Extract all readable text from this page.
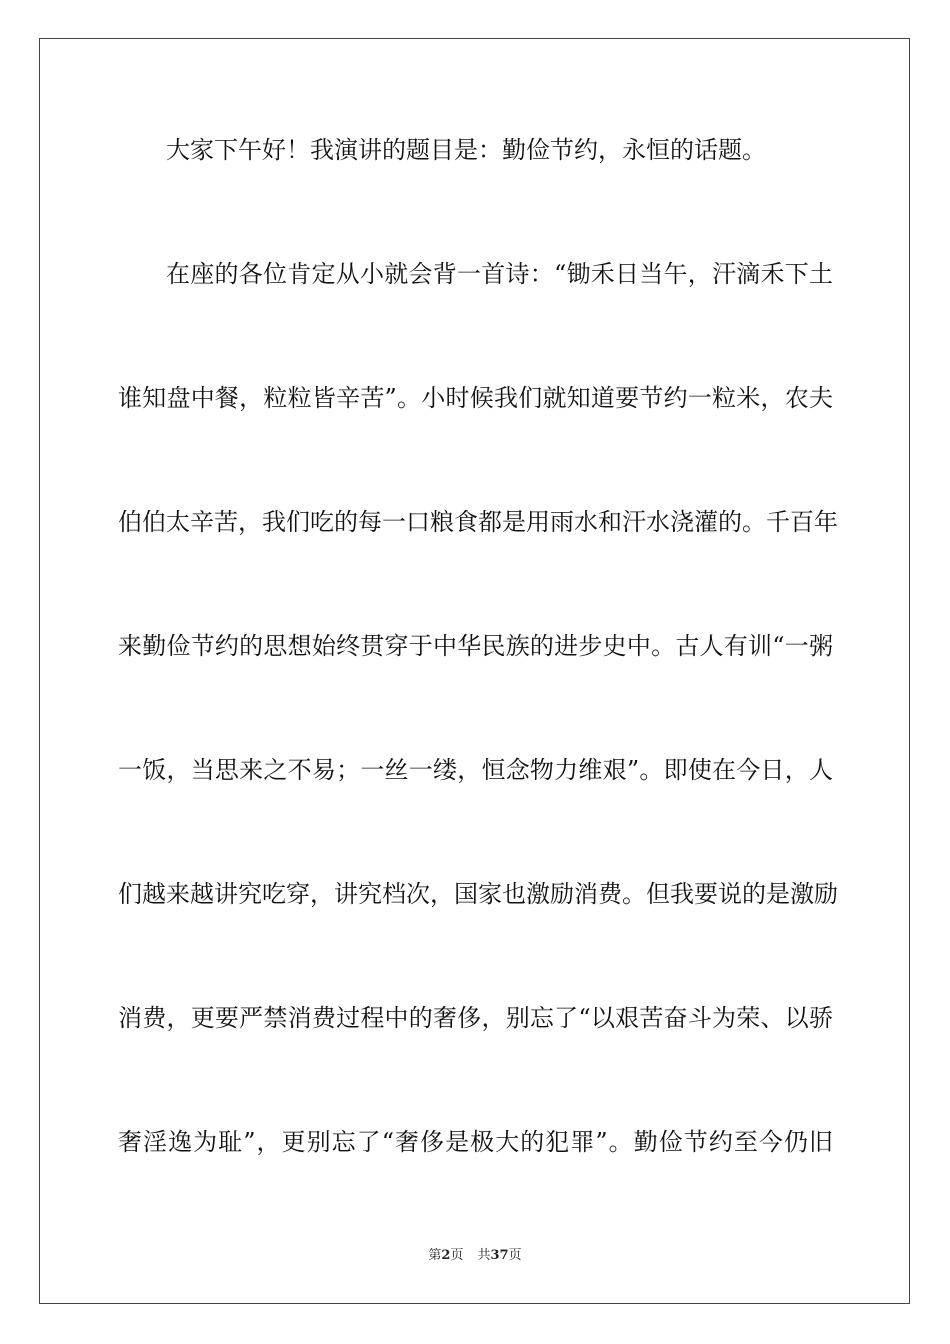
大家下午好！我演讲的题目是：勤俭节约，永恒的话题。
在座的各位肯定从小就会背一首诗：“锄禾日当午，汗滴禾下土
谁知盘中餐，粒粒皆辛苦”。小时候我们就知道要节约一粒米，农夫
伯伯太辛苦，我们吃的每一口粮食都是用雨水和汗水浇灌的。千百年
来勤俭节约的思想始终贯穿于中华民族的进步史中。古人有训“一粥
一饭，当思来之不易；一丝一缕，恒念物力维艰”。即使在今日，人
们越来越讲究吃穿，讲究档次，国家也激励消费。但我要说的是激励
消费，更要严禁消费过程中的奢侈，别忘了“以艰苦奋斗为荣、以骄
奢淫逸为耻”，更别忘了“奢侈是极大的犯罪”。勤俭节约至今仍旧
第2页 共37页
